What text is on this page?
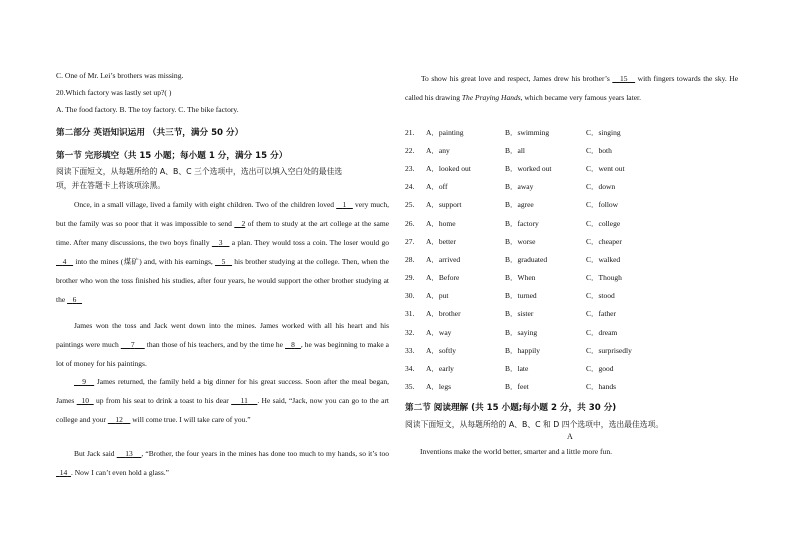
C. One of Mr. Lei’s brothers was missing.
20.Which factory was lastly set up?( )
A. The food factory. B. The toy factory. C. The bike factory.
第二部分 英语知识运用 （共三节，满分 50 分）
第一节 完形填空（共 15 小题；每小题 1 分，满分 15 分）
阅读下面短文，从每题所给的 A、B、C 三个选项中，选出可以填入空白处的最佳选
项，并在答题卡上将该项涂黑。
Once, in a small village, lived a family with eight children. Two of the children loved    1    very much, but the family was so poor that it was impossible to send    2 of them to study at the art college at the same time. After many discussions, the two boys finally    3    a plan. They would toss a coin. The loser would go    4    into the mines (煤矿) and, with his earnings,    5    his brother studying at the college. Then, when the brother who won the toss finished his studies, after four years, he would support the other brother studying at the    6
James won the toss and Jack went down into the mines. James worked with all his heart and his paintings were much      7      than those of his teachers, and by the time he    8 , he was beginning to make a lot of money for his paintings.
9    James returned, the family held a big dinner for his great success. Soon after the meal began, James   10   up from his seat to drink a toast to his dear     11 . He said, “Jack, now you can go to the art college and your     12     will come true. I will take care of you.”
But Jack said     13 , “Brother, the four years in the mines has done too much to my hands, so it’s too   14 . Now I can’t even hold a glass.”
To show his great love and respect, James drew his brother’s    15    with fingers towards the sky. He called his drawing The Praying Hands, which became very famous years later.
21.	A．painting	B．swimming	C．singing
22.	A．any	B．all	C．both
23.	A．looked out	B．worked out	C．went out
24.	A．off	B．away	C．down
25.	A．support	B．agree	C．follow
26.	A．home	B．factory	C．college
27.	A．better	B．worse	C．cheaper
28.	A．arrived	B．graduated	C．walked
29.	A．Before	B．When	C．Though
30.	A．put	B．turned	C．stood
31.	A．brother	B．sister	C．father
32.	A．way	B．saying	C．dream
33.	A．softly	B．happily	C．surprisedly
34.	A．early	B．late	C．good
35.	A．legs	B．feet	C．hands
第二节 阅读理解 (共 15 小题;每小题 2 分，共 30 分)
阅读下面短文，从每题所给的 A、B、C 和 D 四个选项中，选出最佳选项。
A
Inventions make the world better, smarter and a little more fun.
